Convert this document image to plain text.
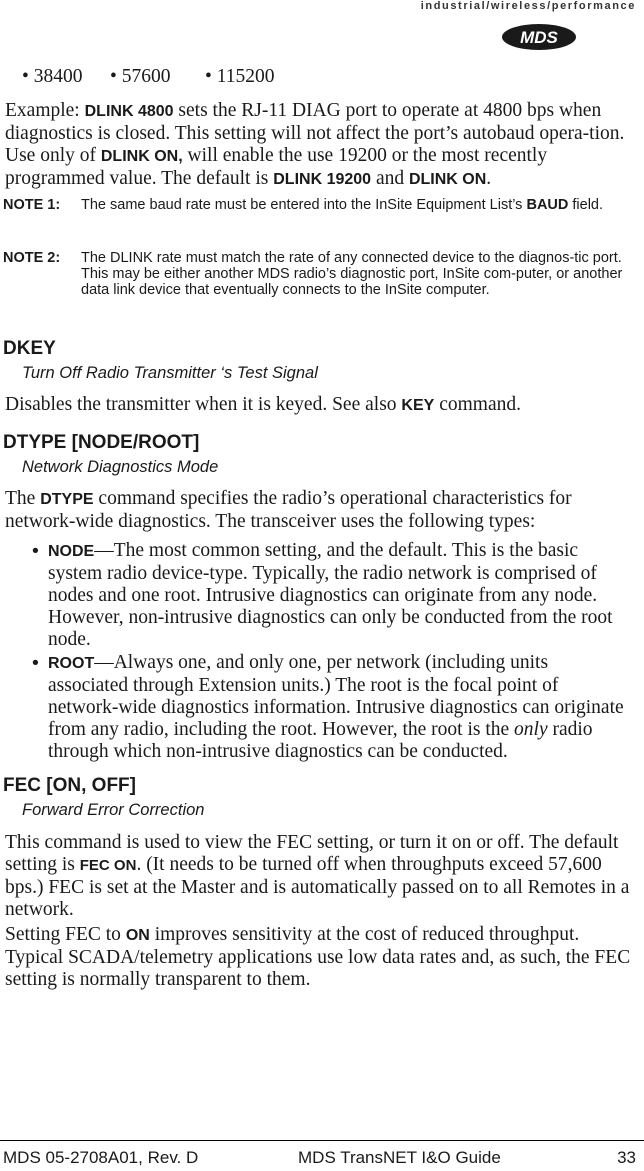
industrial/wireless/performance
MDS
• 38400 • 57600 • 115200
Example: DLINK 4800 sets the RJ-11 DIAG port to operate at 4800 bps when diagnostics is closed. This setting will not affect the port’s autobaud opera-tion. Use only of DLINK ON, will enable the use 19200 or the most recently programmed value. The default is DLINK 19200 and DLINK ON.
NOTE 1: The same baud rate must be entered into the InSite Equipment List’s BAUD field.
NOTE 2: The DLINK rate must match the rate of any connected device to the diagnos-tic port. This may be either another MDS radio’s diagnostic port, InSite com-puter, or another data link device that eventually connects to the InSite computer.
DKEY
Turn Off Radio Transmitter ‘s Test Signal
Disables the transmitter when it is keyed. See also KEY command.
DTYPE [NODE/ROOT]
Network Diagnostics Mode
The DTYPE command specifies the radio’s operational characteristics for network-wide diagnostics. The transceiver uses the following types:
• NODE—The most common setting, and the default. This is the basic system radio device-type. Typically, the radio network is comprised of nodes and one root. Intrusive diagnostics can originate from any node. However, non-intrusive diagnostics can only be conducted from the root node.
• ROOT—Always one, and only one, per network (including units associated through Extension units.) The root is the focal point of network-wide diagnostics information. Intrusive diagnostics can originate from any radio, including the root. However, the root is the only radio through which non-intrusive diagnostics can be conducted.
FEC [ON, OFF]
Forward Error Correction
This command is used to view the FEC setting, or turn it on or off. The default setting is FEC ON. (It needs to be turned off when throughputs exceed 57,600 bps.) FEC is set at the Master and is automatically passed on to all Remotes in a network.
Setting FEC to ON improves sensitivity at the cost of reduced throughput. Typical SCADA/telemetry applications use low data rates and, as such, the FEC setting is normally transparent to them.
MDS 05-2708A01, Rev. D	MDS TransNET I&O Guide	33
